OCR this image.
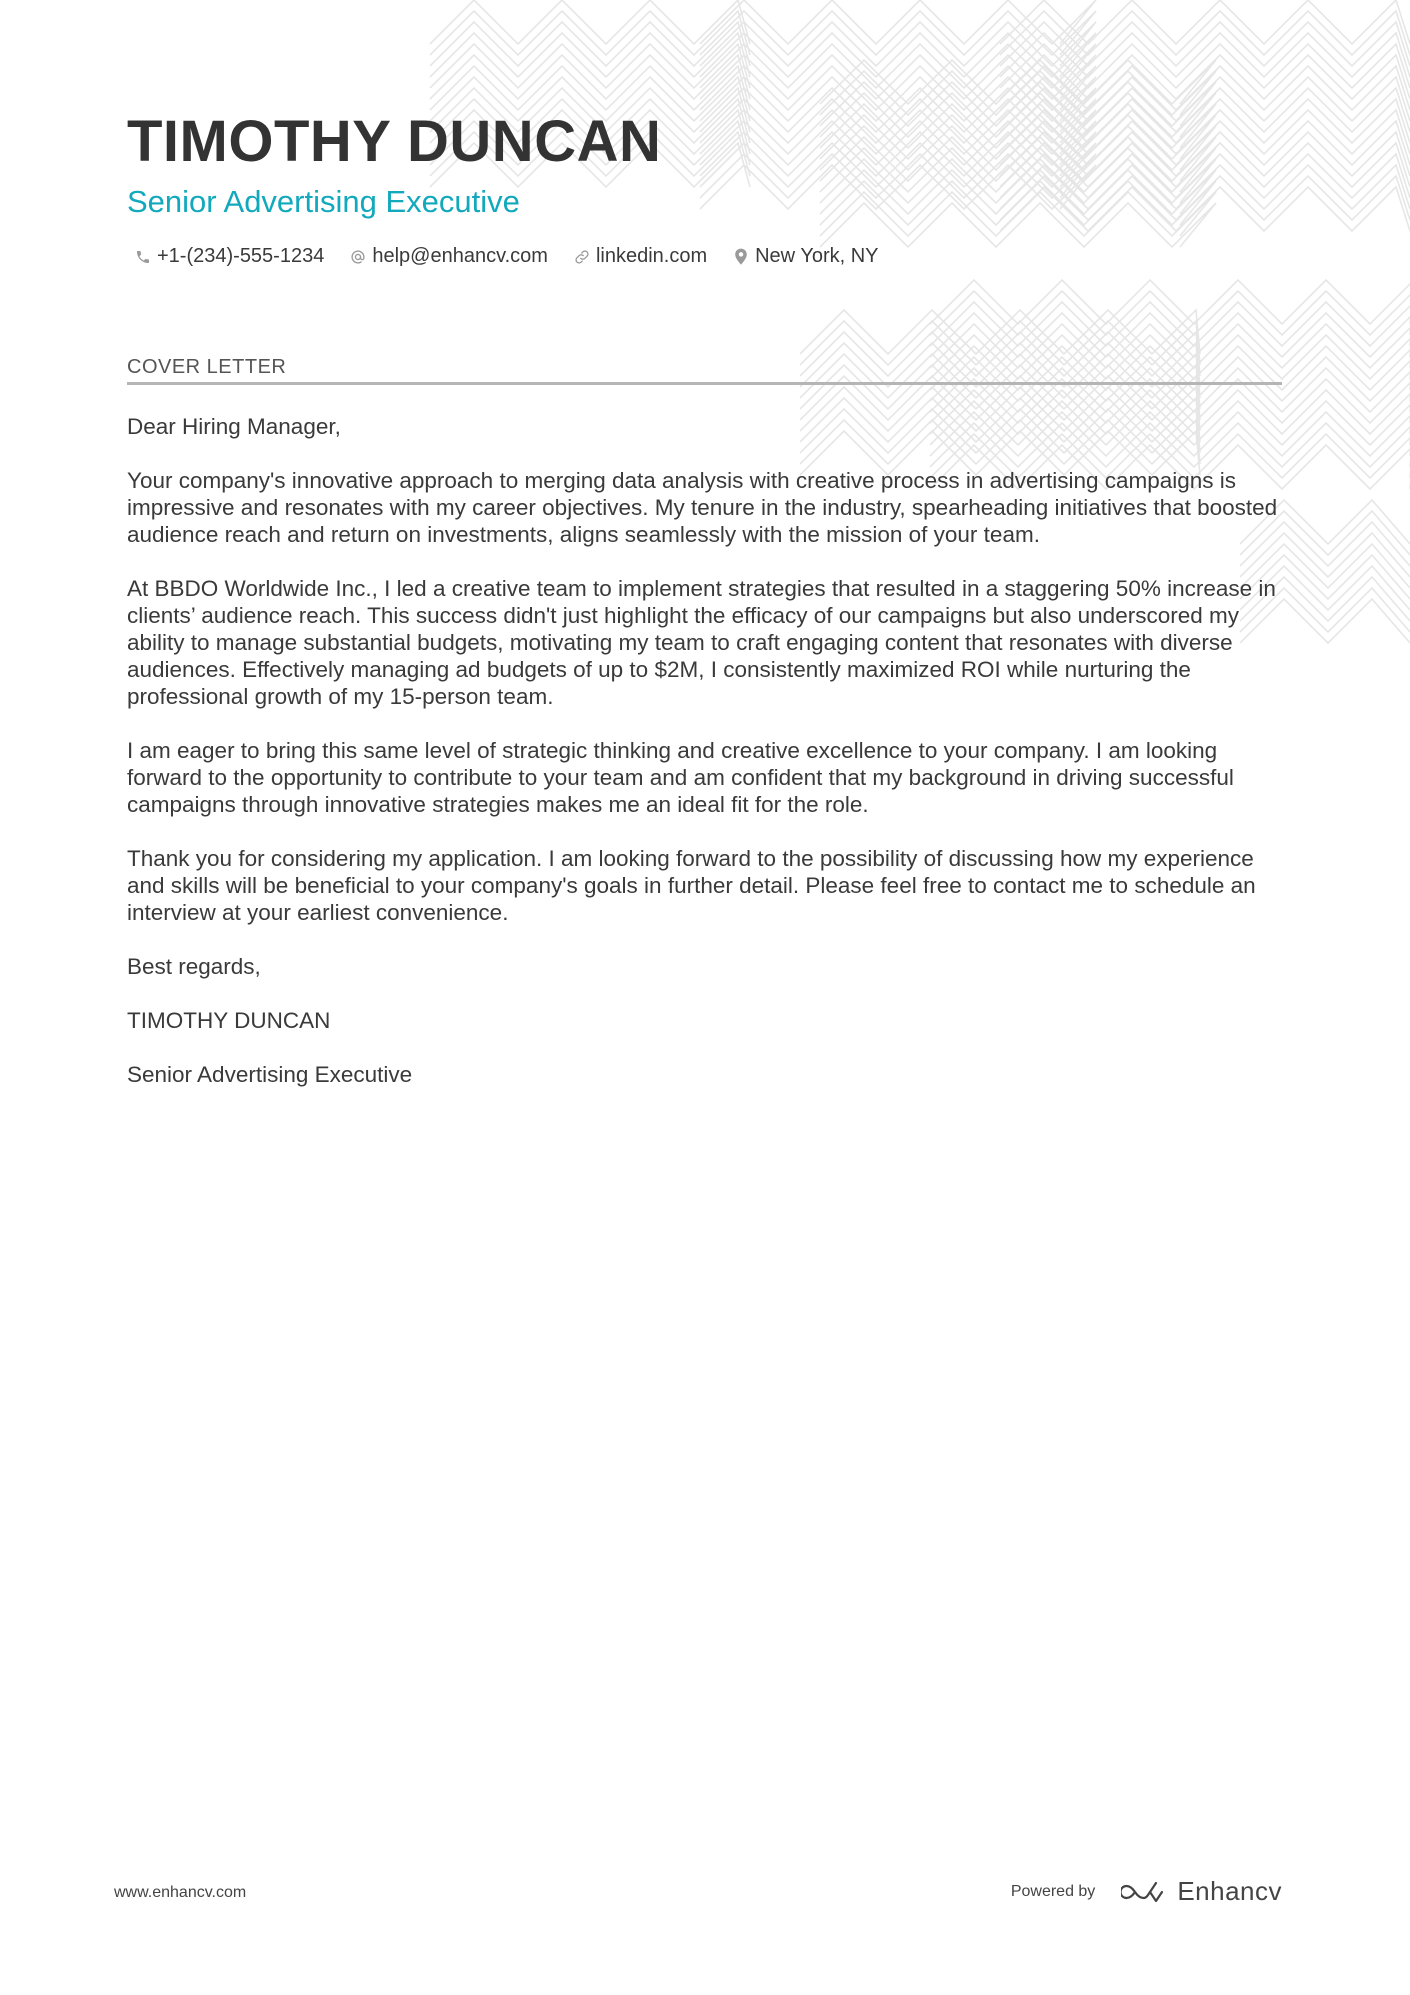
TIMOTHY DUNCAN
Senior Advertising Executive
+1-(234)-555-1234 help@enhancv.com linkedin.com New York, NY
COVER LETTER

Dear Hiring Manager,

Your company's innovative approach to merging data analysis with creative process in advertising campaigns is impressive and resonates with my career objectives. My tenure in the industry, spearheading initiatives that boosted audience reach and return on investments, aligns seamlessly with the mission of your team.

At BBDO Worldwide Inc., I led a creative team to implement strategies that resulted in a staggering 50% increase in clients’ audience reach. This success didn't just highlight the efficacy of our campaigns but also underscored my ability to manage substantial budgets, motivating my team to craft engaging content that resonates with diverse audiences. Effectively managing ad budgets of up to $2M, I consistently maximized ROI while nurturing the professional growth of my 15-person team.

I am eager to bring this same level of strategic thinking and creative excellence to your company. I am looking forward to the opportunity to contribute to your team and am confident that my background in driving successful campaigns through innovative strategies makes me an ideal fit for the role.

Thank you for considering my application. I am looking forward to the possibility of discussing how my experience and skills will be beneficial to your company's goals in further detail. Please feel free to contact me to schedule an interview at your earliest convenience.

Best regards,

TIMOTHY DUNCAN

Senior Advertising Executive

www.enhancv.com	Powered by	Enhancv
